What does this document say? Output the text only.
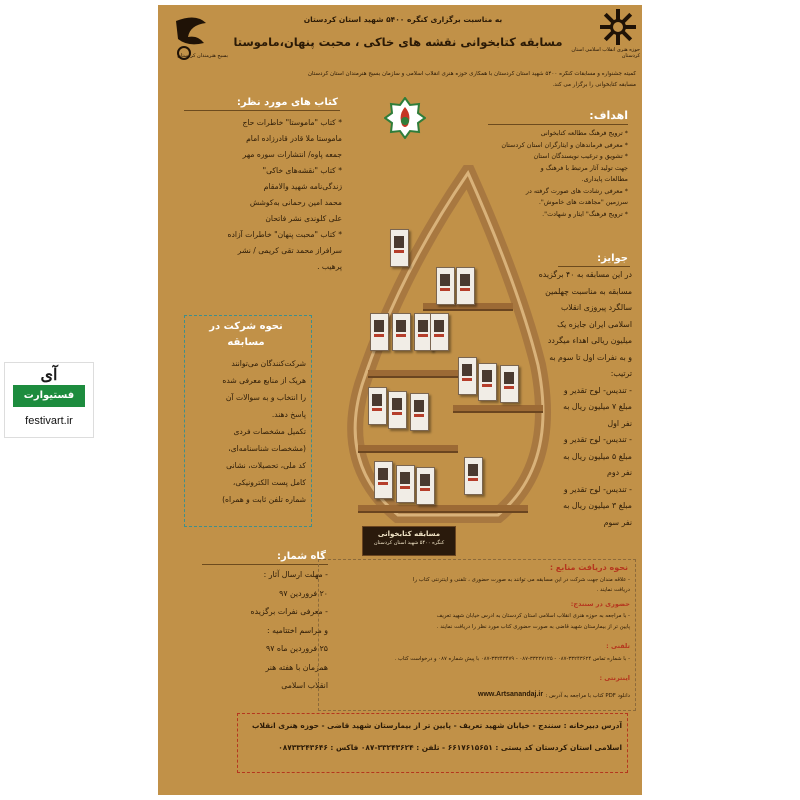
آی
فستیوارت
festivart.ir
بسیج هنرمندان کردستان
حوزه هنری انقلاب اسلامی استان کردستان
به مناسبت برگزاری کنگره ۵۴۰۰ شهید استان کردستان
مسابقه کتابخوانی نقشه های خاکی ، محبت پنهان،ماموستا
کمیته جشنواره و مسابقات کنگره ۵۴۰۰ شهید استان کردستان با همکاری حوزه هنری انقلاب اسلامی و سازمان بسیج هنرمندان استان کردستان
مسابقه کتابخوانی را برگزار می کند.
کتاب های مورد نظر:
* کتاب "ماموستا" خاطرات حاج
ماموستا ملا قادر قادرزاده امام
جمعه پاوه/ انتشارات سوره مهر
* کتاب "نقشه‌های خاکی"
زندگی‌نامه شهید والامقام
محمد امین رحمانی به‌کوشش
علی کلوندی نشر فاتحان
* کتاب "محبت پنهان" خاطرات آزاده
سرافراز محمد تقی کریمی / نشر
پرهیب .
اهداف:
* ترویج فرهنگ مطالعه کتابخوانی
* معرفی فرماندهان و ایثارگران استان کردستان
* تشویق و ترغیب نویسندگان استان
جهت تولید آثار مرتبط با فرهنگ و
مطالعات پایداری.
* معرفی رشادت های صورت گرفته در
سرزمین "مجاهدت های خاموش".
* ترویج فرهنگ" ایثار و شهادت".
نحوه شرکت در
مسابقه
شرکت‌کنندگان می‌توانند
هریک از منابع معرفی شده
را انتخاب و به سوالات آن
پاسخ دهند.
تکمیل مشخصات فردی
(مشخصات شناسنامه‌ای،
کد ملی، تحصیلات، نشانی
کامل پست الکترونیکی،
شماره تلفن ثابت و همراه)
جوایز:
در این مسابقه به ۴۰ برگزیده
مسابقه به مناسبت چهلمین
سالگرد پیروزی انقلاب
اسلامی ایران جایزه یک
میلیون ریالی اهداء میگردد
و به نفرات اول تا سوم به
ترتیب:
- تندیس- لوح تقدیر و
مبلغ ۷ میلیون ریال به
نفر اول
- تندیس- لوح تقدیر و
مبلغ ۵ میلیون ریال به
نفر دوم
- تندیس- لوح تقدیر و
مبلغ ۳ میلیون ریال به
نفر سوم
گاه شمار:
- مهلت ارسال آثار :
۲۰ فروردین ۹۷
- معرفی نفرات برگزیده
و مراسم اختتامیه :
۲۵ فروردین ماه ۹۷
همزمان با هفته هنر
انقلاب اسلامی
مسابقه کتابخوانی
کنگره ۵۴۰۰ شهید استان کردستان
نحوه دریافت منابع :
- علاقه مندان جهت شرکت در این مسابقه می توانند به صورت حضوری ، تلفنی و اینترنتی کتاب را
دریافت نمایند .
حضوری در سنندج:
- با مراجعه به حوزه هنری انقلاب اسلامی استان کردستان به آدرس خیابان شهید تعریف
پایین تر از بیمارستان شهید قاضی به صورت حضوری کتاب مورد نظر را دریافت نمایند .
تلفنی :
- با شماره تماس ۳۳۲۴۳۶۲۴-۰۸۷ - ۳۳۲۲۷۱۲۵-۰۸۷ - ۳۳۲۴۳۴۷۹-۰۸۷ با پیش شماره ۰۸۷ و درخواست کتاب .
اینترنتی :
دانلود PDF کتاب با مراجعه به آدرس :
www.Artsanandaj.ir
آدرس دبیرخانه : سنندج - خیابان شهید تعریف - پایین تر از بیمارستان شهید قاضی - حوزه هنری انقلاب
اسلامی استان کردستان کد پستی : ۶۶۱۷۶۱۵۶۵۱ - تلفن : ۳۳۲۴۳۶۲۴-۰۸۷ فاکس : ۰۸۷۳۳۲۴۳۶۴۶
